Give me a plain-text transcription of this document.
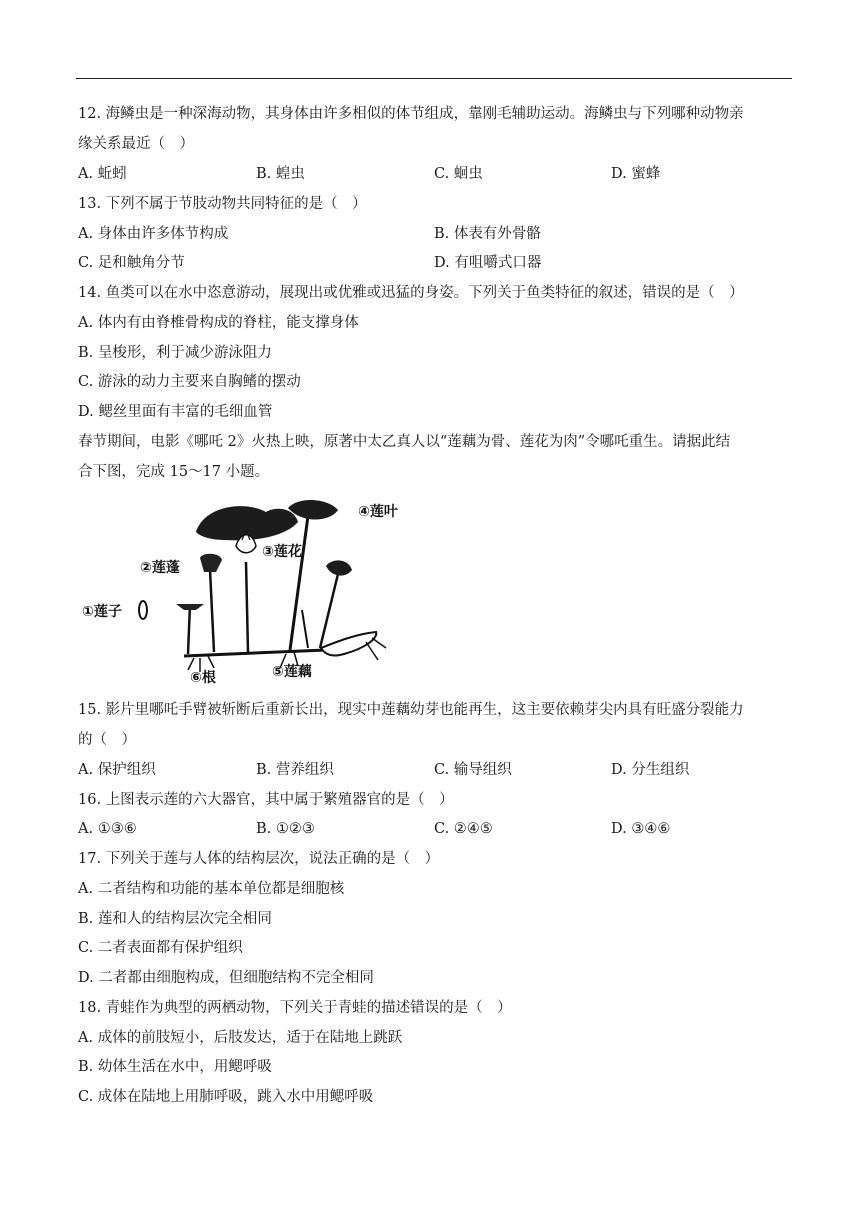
12. 海鳞虫是一种深海动物，其身体由许多相似的体节组成，靠刚毛辅助运动。海鳞虫与下列哪种动物亲
缘关系最近（　）
A. 蚯蚓	B. 蝗虫	C. 蛔虫	D. 蜜蜂
13. 下列不属于节肢动物共同特征的是（　）
A. 身体由许多体节构成	B. 体表有外骨骼
C. 足和触角分节	D. 有咀嚼式口器
14. 鱼类可以在水中恣意游动，展现出或优雅或迅猛的身姿。下列关于鱼类特征的叙述，错误的是（　）
A. 体内有由脊椎骨构成的脊柱，能支撑身体
B. 呈梭形，利于减少游泳阻力
C. 游泳的动力主要来自胸鳍的摆动
D. 鳃丝里面有丰富的毛细血管
春节期间，电影《哪吒 2》火热上映，原著中太乙真人以“莲藕为骨、莲花为肉”令哪吒重生。请据此结
合下图，完成 15～17 小题。
①莲子
②莲蓬
③莲花
④莲叶
⑤莲藕
⑥根
15. 影片里哪吒手臂被斩断后重新长出，现实中莲藕幼芽也能再生，这主要依赖芽尖内具有旺盛分裂能力
的（　）
A. 保护组织	B. 营养组织	C. 输导组织	D. 分生组织
16. 上图表示莲的六大器官，其中属于繁殖器官的是（　）
A. ①③⑥	B. ①②③	C. ②④⑤	D. ③④⑥
17. 下列关于莲与人体的结构层次，说法正确的是（　）
A. 二者结构和功能的基本单位都是细胞核
B. 莲和人的结构层次完全相同
C. 二者表面都有保护组织
D. 二者都由细胞构成，但细胞结构不完全相同
18. 青蛙作为典型的两栖动物，下列关于青蛙的描述错误的是（　）
A. 成体的前肢短小，后肢发达，适于在陆地上跳跃
B. 幼体生活在水中，用鳃呼吸
C. 成体在陆地上用肺呼吸，跳入水中用鳃呼吸
